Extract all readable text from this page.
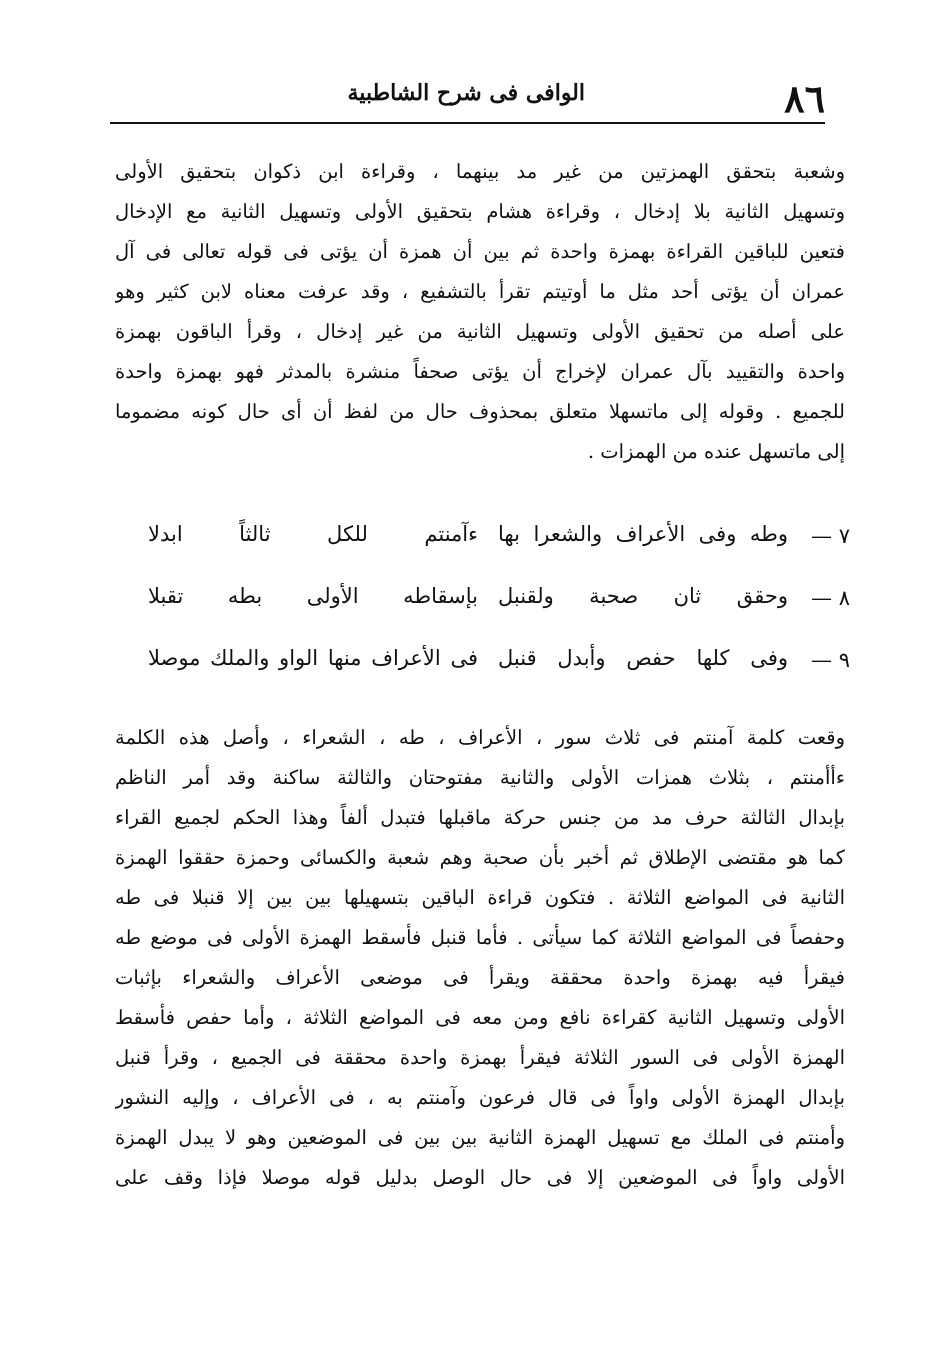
٨٦
الوافى فى شرح الشاطبية
وشعبة بتحقق الهمزتين من غير مد بينهما ، وقراءة ابن ذكوان بتحقيق الأولى
وتسهيل الثانية بلا إدخال ، وقراءة هشام بتحقيق الأولى وتسهيل الثانية مع الإدخال
فتعين للباقين القراءة بهمزة واحدة ثم بين أن همزة أن يؤتى فى قوله تعالى فى آل
عمران أن يؤتى أحد مثل ما أوتيتم تقرأ بالتشفيع ، وقد عرفت معناه لابن كثير وهو
على أصله من تحقيق الأولى وتسهيل الثانية من غير إدخال ، وقرأ الباقون بهمزة
واحدة والتقييد بآل عمران لإخراج أن يؤتى صحفاً منشرة بالمدثر فهو بهمزة واحدة
للجميع . وقوله إلى ماتسهلا متعلق بمحذوف حال من لفظ أن أى حال كونه مضموما
إلى ماتسهل عنده من الهمزات .
٧ —
وطه وفى الأعراف والشعرا بها
ءآمنتم للكل ثالثاً ابدلا
٨ —
وحقق ثان صحبة ولقنبل
بإسقاطه الأولى بطه تقبلا
٩ —
وفى كلها حفص وأبدل قنبل
فى الأعراف منها الواو والملك موصلا
وقعت كلمة آمنتم فى ثلاث سور ، الأعراف ، طه ، الشعراء ، وأصل هذه الكلمة
ءأأمنتم ، بثلاث همزات الأولى والثانية مفتوحتان والثالثة ساكنة وقد أمر الناظم
بإبدال الثالثة حرف مد من جنس حركة ماقبلها فتبدل ألفاً وهذا الحكم لجميع القراء
كما هو مقتضى الإطلاق ثم أخبر بأن صحبة وهم شعبة والكسائى وحمزة حققوا الهمزة
الثانية فى المواضع الثلاثة . فتكون قراءة الباقين بتسهيلها بين بين إلا قنبلا فى طه
وحفصاً فى المواضع الثلاثة كما سيأتى . فأما قنبل فأسقط الهمزة الأولى فى موضع طه
فيقرأ فيه بهمزة واحدة محققة ويقرأ فى موضعى الأعراف والشعراء بإثبات
الأولى وتسهيل الثانية كقراءة نافع ومن معه فى المواضع الثلاثة ، وأما حفص فأسقط
الهمزة الأولى فى السور الثلاثة فيقرأ بهمزة واحدة محققة فى الجميع ، وقرأ قنبل
بإبدال الهمزة الأولى واواً فى قال فرعون وآمنتم به ، فى الأعراف ، وإليه النشور
وأمنتم فى الملك مع تسهيل الهمزة الثانية بين بين فى الموضعين وهو لا يبدل الهمزة
الأولى واواً فى الموضعين إلا فى حال الوصل بدليل قوله موصلا فإذا وقف على
